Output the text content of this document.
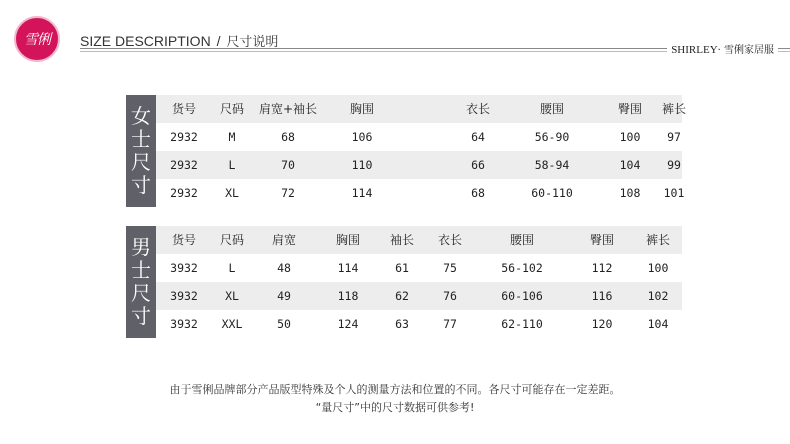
雪俐 SIZE DESCRIPTION / 尺寸说明
SHIRLEY· 雪俐家居服
女
士
尺
寸
货号	尺码	肩宽+袖长	胸围	衣长	腰围	臀围	裤长
2932	M	68	106	64	56-90	100	97
2932	L	70	110	66	58-94	104	99
2932	XL	72	114	68	60-110	108	101
男
士
尺
寸
货号	尺码	肩宽	胸围	袖长	衣长	腰围	臀围	裤长
3932	L	48	114	61	75	56-102	112	100
3932	XL	49	118	62	76	60-106	116	102
3932	XXL	50	124	63	77	62-110	120	104
由于雪俐品牌部分产品版型特殊及个人的测量方法和位置的不同。各尺寸可能存在一定差距。
“量尺寸”中的尺寸数据可供参考!
